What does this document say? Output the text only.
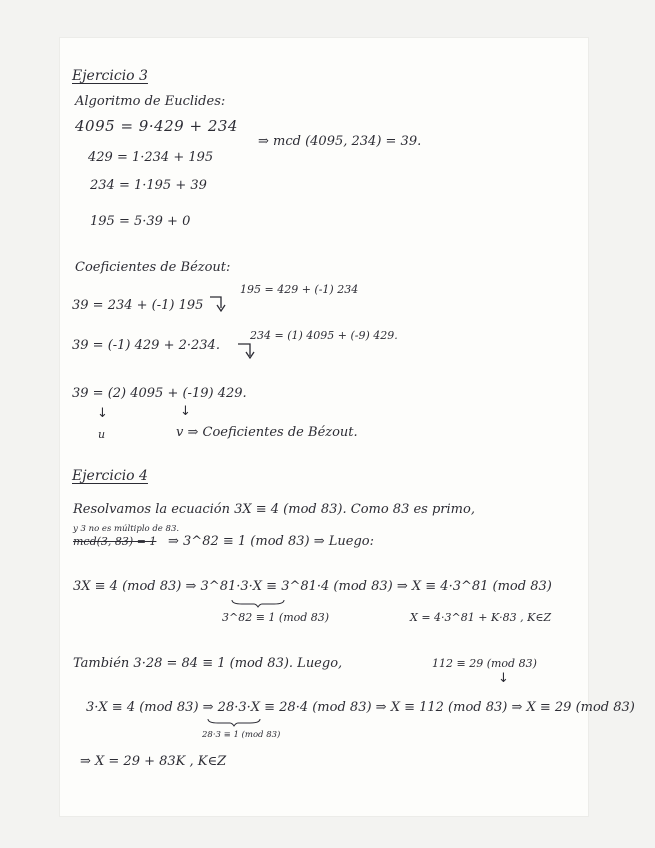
Ejercicio 3
Algoritmo de Euclides:
4095 = 9·429 + 234
429 = 1·234 + 195
234 = 1·195 + 39
195 = 5·39 + 0
⇒ mcd (4095, 234) = 39.
Coeficientes de Bézout:
195 = 429 + (-1) 234
39 = 234 + (-1) 195
234 = (1) 4095 + (-9) 429.
39 = (-1) 429 + 2·234.
39 = (2) 4095 + (-19) 429.
↓	↓
u	v ⇒ Coeficientes de Bézout.
Ejercicio 4
Resolvamos la ecuación 3X ≡ 4 (mod 83). Como 83 es primo,
y 3 no es múltiplo de 83.
mcd(3, 83) = 1 ⇒ 3^82 ≡ 1 (mod 83) ⇒ Luego:
3X ≡ 4 (mod 83) ⇒ 3^81·3·X ≡ 3^81·4 (mod 83) ⇒ X ≡ 4·3^81 (mod 83)
3^82 ≡ 1 (mod 83)	X = 4·3^81 + K·83 , K∈Z
También 3·28 = 84 ≡ 1 (mod 83). Luego,	112 ≡ 29 (mod 83)
↓
3·X ≡ 4 (mod 83) ⇒ 28·3·X ≡ 28·4 (mod 83) ⇒ X ≡ 112 (mod 83) ⇒ X ≡ 29 (mod 83)
28·3 ≡ 1 (mod 83)
⇒ X = 29 + 83K , K∈Z
